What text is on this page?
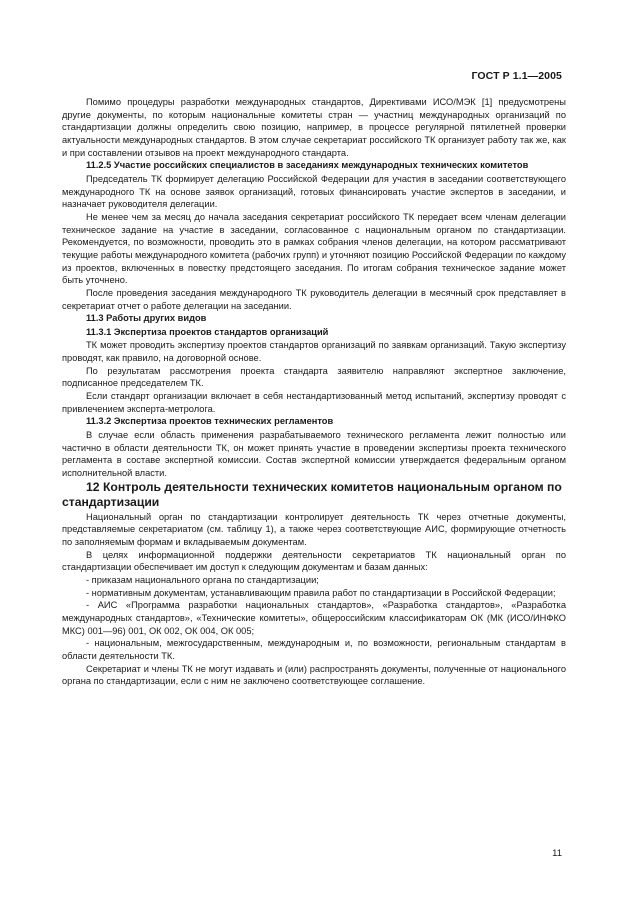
ГОСТ Р 1.1—2005

Помимо процедуры разработки международных стандартов, Директивами ИСО/МЭК [1] предусмотрены другие документы, по которым национальные комитеты стран — участниц международных организаций по стандартизации должны определить свою позицию, например, в процессе регулярной пятилетней проверки актуальности международных стандартов. В этом случае секретариат российского ТК организует работу так же, как и при составлении отзывов на проект международного стандарта.

11.2.5 Участие российских специалистов в заседаниях международных технических комитетов

Председатель ТК формирует делегацию Российской Федерации для участия в заседании соответствующего международного ТК на основе заявок организаций, готовых финансировать участие экспертов в заседании, и назначает руководителя делегации.

Не менее чем за месяц до начала заседания секретариат российского ТК передает всем членам делегации техническое задание на участие в заседании, согласованное с национальным органом по стандартизации. Рекомендуется, по возможности, проводить это в рамках собрания членов делегации, на котором рассматривают текущие работы международного комитета (рабочих групп) и уточняют позицию Российской Федерации по каждому из проектов, включенных в повестку предстоящего заседания. По итогам собрания техническое задание может быть уточнено.

После проведения заседания международного ТК руководитель делегации в месячный срок представляет в секретариат отчет о работе делегации на заседании.

11.3 Работы других видов

11.3.1 Экспертиза проектов стандартов организаций

ТК может проводить экспертизу проектов стандартов организаций по заявкам организаций. Такую экспертизу проводят, как правило, на договорной основе.

По результатам рассмотрения проекта стандарта заявителю направляют экспертное заключение, подписанное председателем ТК.

Если стандарт организации включает в себя нестандартизованный метод испытаний, экспертизу проводят с привлечением эксперта-метролога.

11.3.2 Экспертиза проектов технических регламентов

В случае если область применения разрабатываемого технического регламента лежит полностью или частично в области деятельности ТК, он может принять участие в проведении экспертизы проекта технического регламента в составе экспертной комиссии. Состав экспертной комиссии утверждается федеральным органом исполнительной власти.

12 Контроль деятельности технических комитетов национальным органом по стандартизации

Национальный орган по стандартизации контролирует деятельность ТК через отчетные документы, представляемые секретариатом (см. таблицу 1), а также через соответствующие АИС, формирующие отчетность по заполняемым формам и вкладываемым документам.

В целях информационной поддержки деятельности секретариатов ТК национальный орган по стандартизации обеспечивает им доступ к следующим документам и базам данных:

- приказам национального органа по стандартизации;

- нормативным документам, устанавливающим правила работ по стандартизации в Российской Федерации;

- АИС «Программа разработки национальных стандартов», «Разработка стандартов», «Разработка международных стандартов», «Технические комитеты», общероссийским классификаторам ОК (МК (ИСО/ИНФКО МКС) 001—96) 001, ОК 002, ОК 004, ОК 005;

- национальным, межгосударственным, международным и, по возможности, региональным стандартам в области деятельности ТК.

Секретариат и члены ТК не могут издавать и (или) распространять документы, полученные от национального органа по стандартизации, если с ним не заключено соответствующее соглашение.

11
